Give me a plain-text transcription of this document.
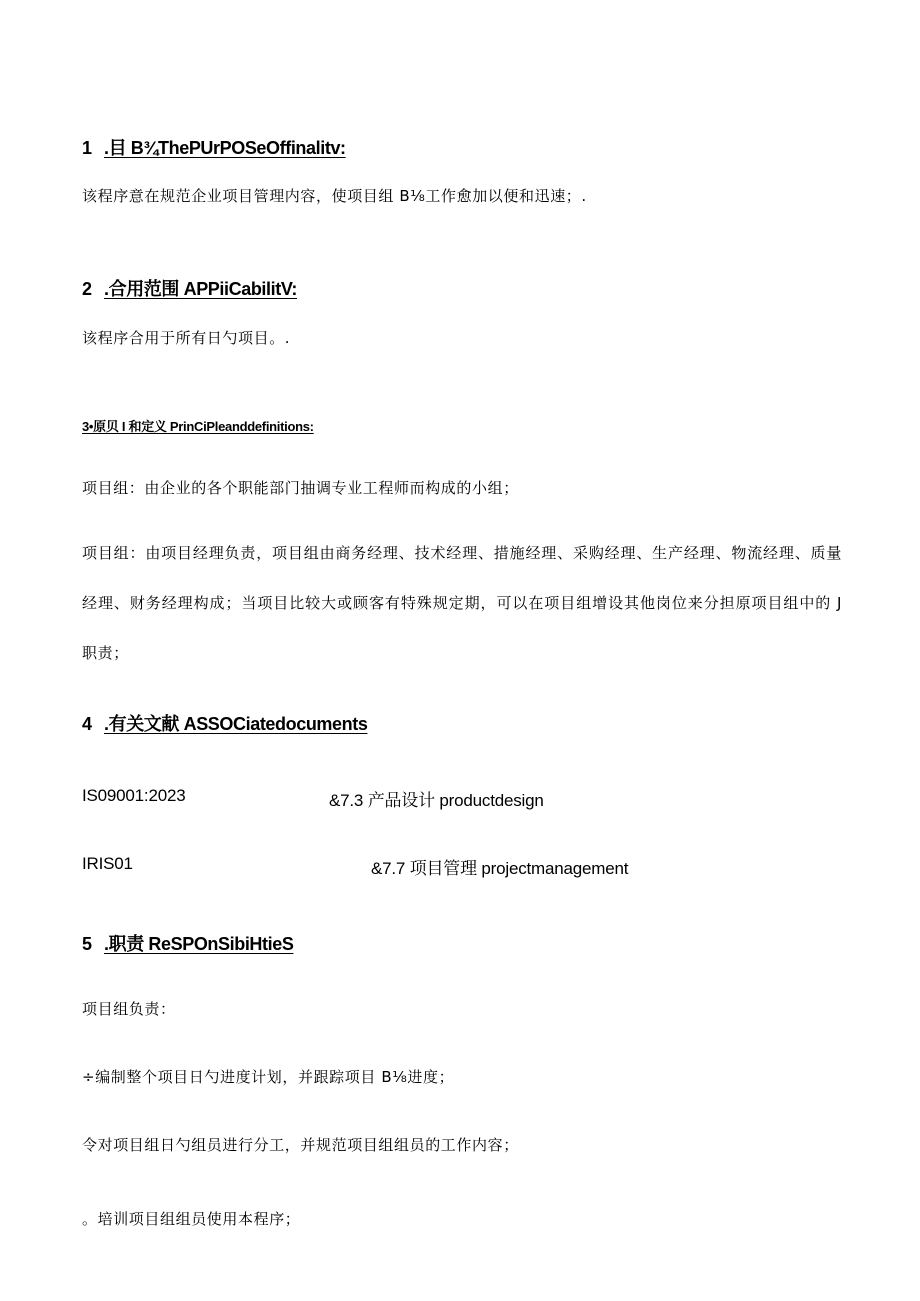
1 .目 B¾ThePUrPOSeOffinalitv:
该程序意在规范企业项目管理内容，使项目组 B⅛工作愈加以便和迅速；.
2 .合用范围 APPiiCabilitV:
该程序合用于所有日勺项目。.
3•原贝 I 和定义 PrinCiPleanddefinitions:
项目组：由企业的各个职能部门抽调专业工程师而构成的小组；
项目组：由项目经理负责，项目组由商务经理、技术经理、措施经理、采购经理、生产经理、物流经理、质量经理、财务经理构成；当项目比较大或顾客有特殊规定期，可以在项目组增设其他岗位来分担原项目组中的 J 职责；
4 .有关文献 ASSOCiatedocuments
IS09001:2023	&7.3 产品设计 productdesign
IRIS01	&7.7 项目管理 projectmanagement
5 .职责 ReSPOnSibiHtieS
项目组负责：
÷编制整个项目日勺进度计划，并跟踪项目 B⅛进度；
令对项目组日勺组员进行分工，并规范项目组组员的工作内容；
。培训项目组组员使用本程序；
